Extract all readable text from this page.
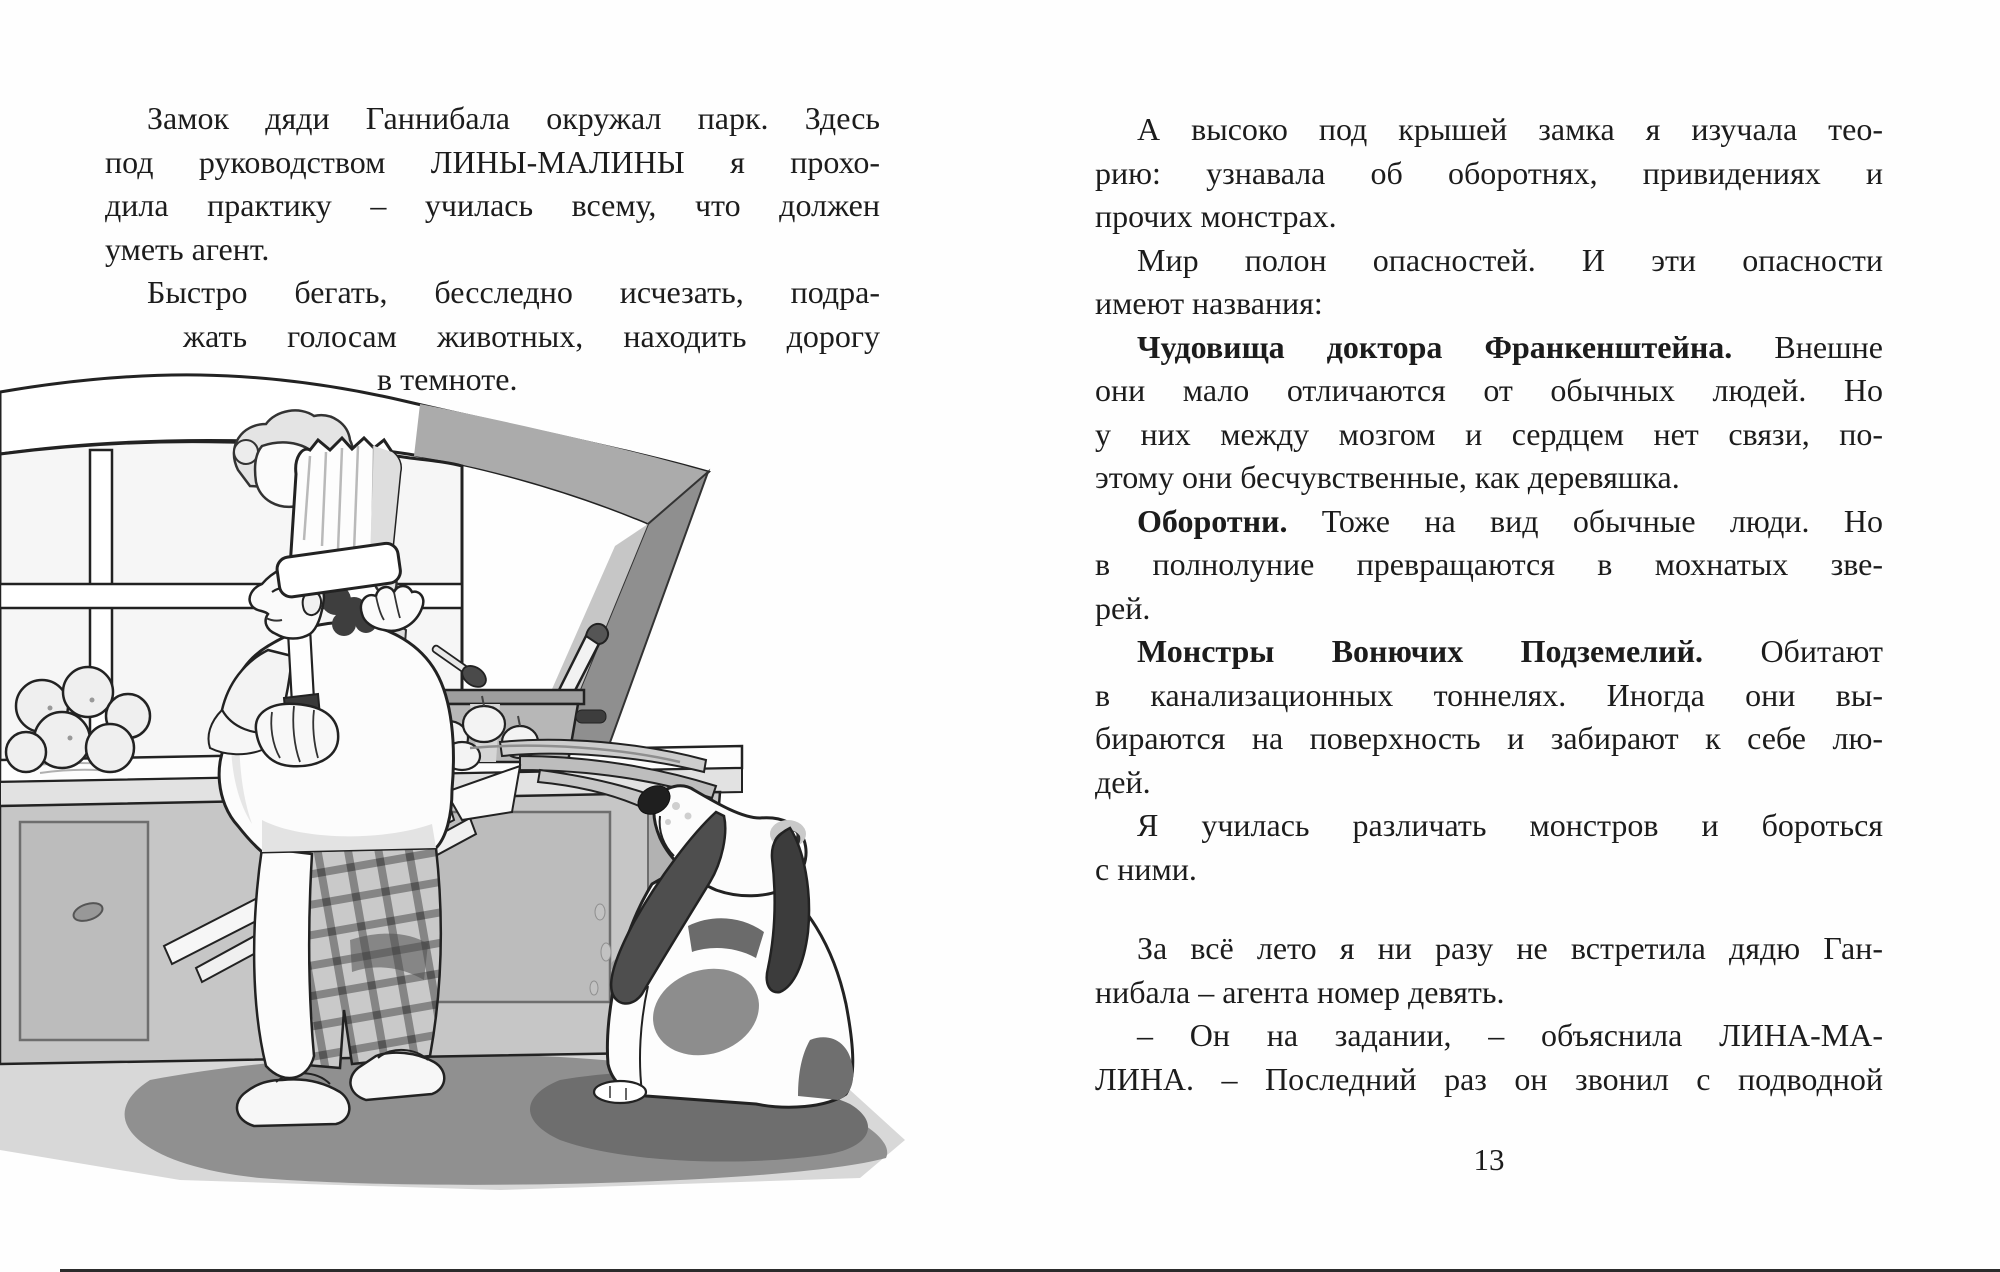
Замок дяди Ганнибала окружал парк. Здесь
под руководством ЛИНЫ-МАЛИНЫ я прохо-
дила практику – училась всему, что должен
уметь агент.
Быстро бегать, бесследно исчезать, подра-
жать голосам животных, находить дорогу
в темноте.
А высоко под крышей замка я изучала тео-
рию: узнавала об оборотнях, привидениях и
прочих монстрах.
Мир полон опасностей. И эти опасности
имеют названия:
Чудовища доктора Франкенштейна. Внешне
они мало отличаются от обычных людей. Но
у них между мозгом и сердцем нет связи, по-
этому они бесчувственные, как деревяшка.
Оборотни. Тоже на вид обычные люди. Но
в полнолуние превращаются в мохнатых зве-
рей.
Монстры Вонючих Подземелий. Обитают
в канализационных тоннелях. Иногда они вы-
бираются на поверхность и забирают к себе лю-
дей.
Я училась различать монстров и бороться
с ними.
За всё лето я ни разу не встретила дядю Ган-
нибала – агента номер девять.
– Он на задании, – объяснила ЛИНА-МА-
ЛИНА. – Последний раз он звонил с подводной
13
